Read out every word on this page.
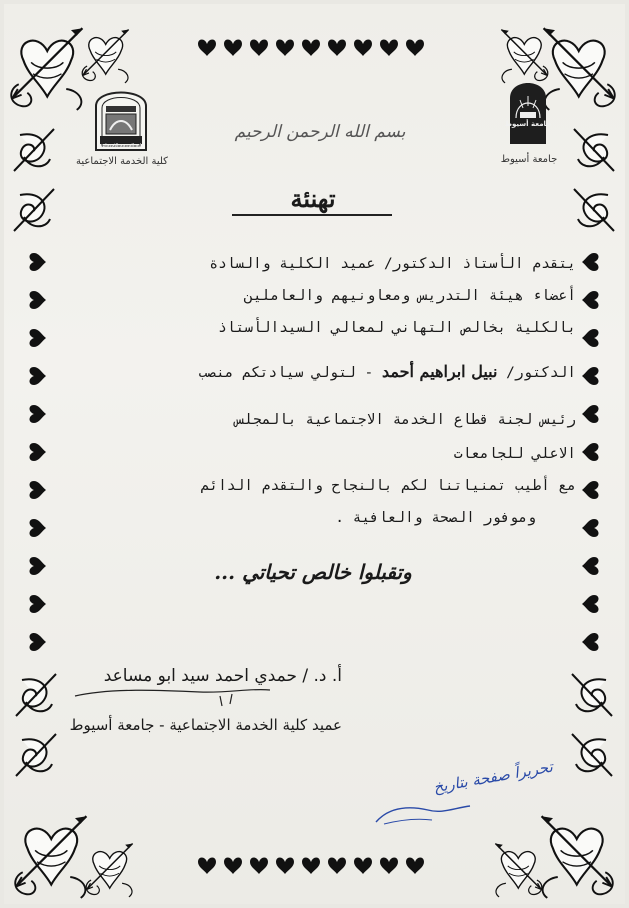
كلية الخدمة الاجتماعية
جامعة أسيوط
كلية الخدمة الاجتماعية	جامعة أسيوط
بسم الله الرحمن الرحيم
تهنئة
يتقدم الأستاذ الدكتور/ عميد الكلية والسادة
أعضاء هيئة التدريس ومعاونيهم والعاملين
بالكلية بخالص التهاني لمعالي السيدالأستاذ
الدكتور/ نبيل ابراهيم أحمد - لتولي سيادتكم منصب
رئيس لجنة قطاع الخدمة الاجتماعية بالمجلس
الاعلي للجامعات
مع أطيب تمنياتنا لكم بالنجاح والتقدم الدائم
وموفور الصحة والعافية .
وتقبلوا خالص تحياتي ...
أ. د. / حمدي احمد سيد ابو مساعد
عميد كلية الخدمة الاجتماعية - جامعة أسيوط
تحريراً صفحة بتاريخ
